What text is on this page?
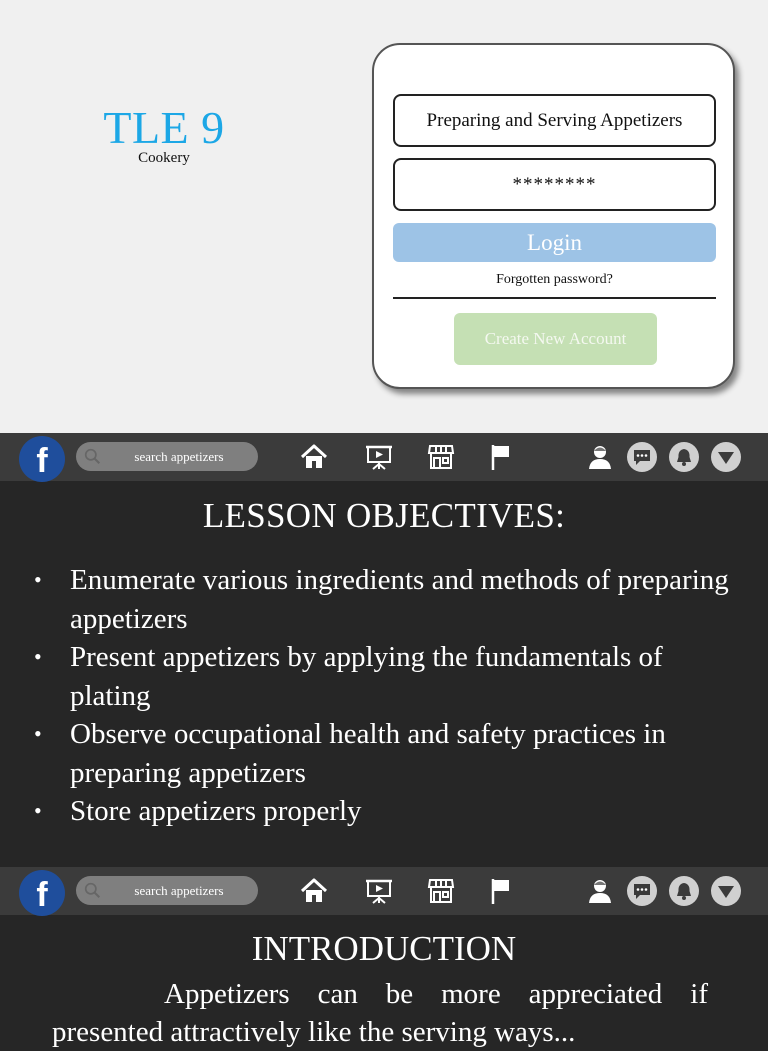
TLE 9
Cookery
Preparing and Serving Appetizers
********
Login
Forgotten password?
Create New Account
f	search appetizers
LESSON OBJECTIVES:
• Enumerate various ingredients and methods of preparing appetizers
• Present appetizers by applying the fundamentals of plating
• Observe occupational health and safety practices in preparing appetizers
• Store appetizers properly
f	search appetizers
INTRODUCTION

Appetizers can be more appreciated if presented attractively like the serving ways...
